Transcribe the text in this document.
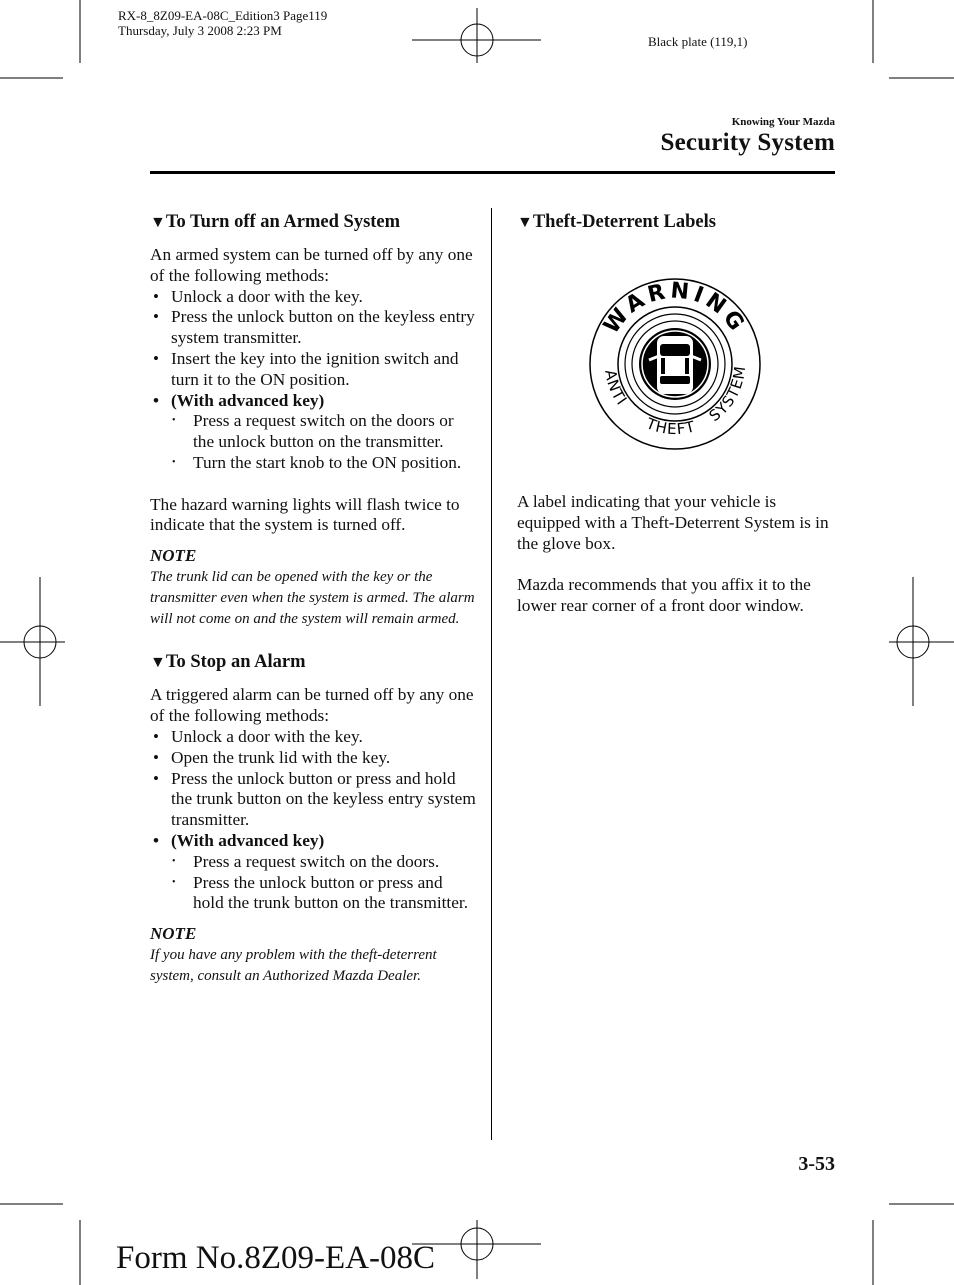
RX-8_8Z09-EA-08C_Edition3 Page119
Thursday, July 3 2008 2:23 PM
Black plate (119,1)
Knowing Your Mazda
Security System
▼To Turn off an Armed System

An armed system can be turned off by any one of the following methods:

• Unlock a door with the key.
• Press the unlock button on the keyless entry system transmitter.
• Insert the key into the ignition switch and turn it to the ON position.
• (With advanced key)
• Press a request switch on the doors or the unlock button on the transmitter.
• Turn the start knob to the ON position.

The hazard warning lights will flash twice to indicate that the system is turned off.

NOTE
The trunk lid can be opened with the key or the transmitter even when the system is armed. The alarm will not come on and the system will remain armed.
▼To Stop an Alarm

A triggered alarm can be turned off by any one of the following methods:

• Unlock a door with the key.
• Open the trunk lid with the key.
• Press the unlock button or press and hold the trunk button on the keyless entry system transmitter.
• (With advanced key)
• Press a request switch on the doors.
• Press the unlock button or press and hold the trunk button on the transmitter.
NOTE
If you have any problem with the theft-deterrent system, consult an Authorized Mazda Dealer.
▼Theft-Deterrent Labels
WARNING
ANTI
THEFT
SYSTEM

A label indicating that your vehicle is equipped with a Theft-Deterrent System is in the glove box.

Mazda recommends that you affix it to the lower rear corner of a front door window.

3-53
Form No.8Z09-EA-08C
